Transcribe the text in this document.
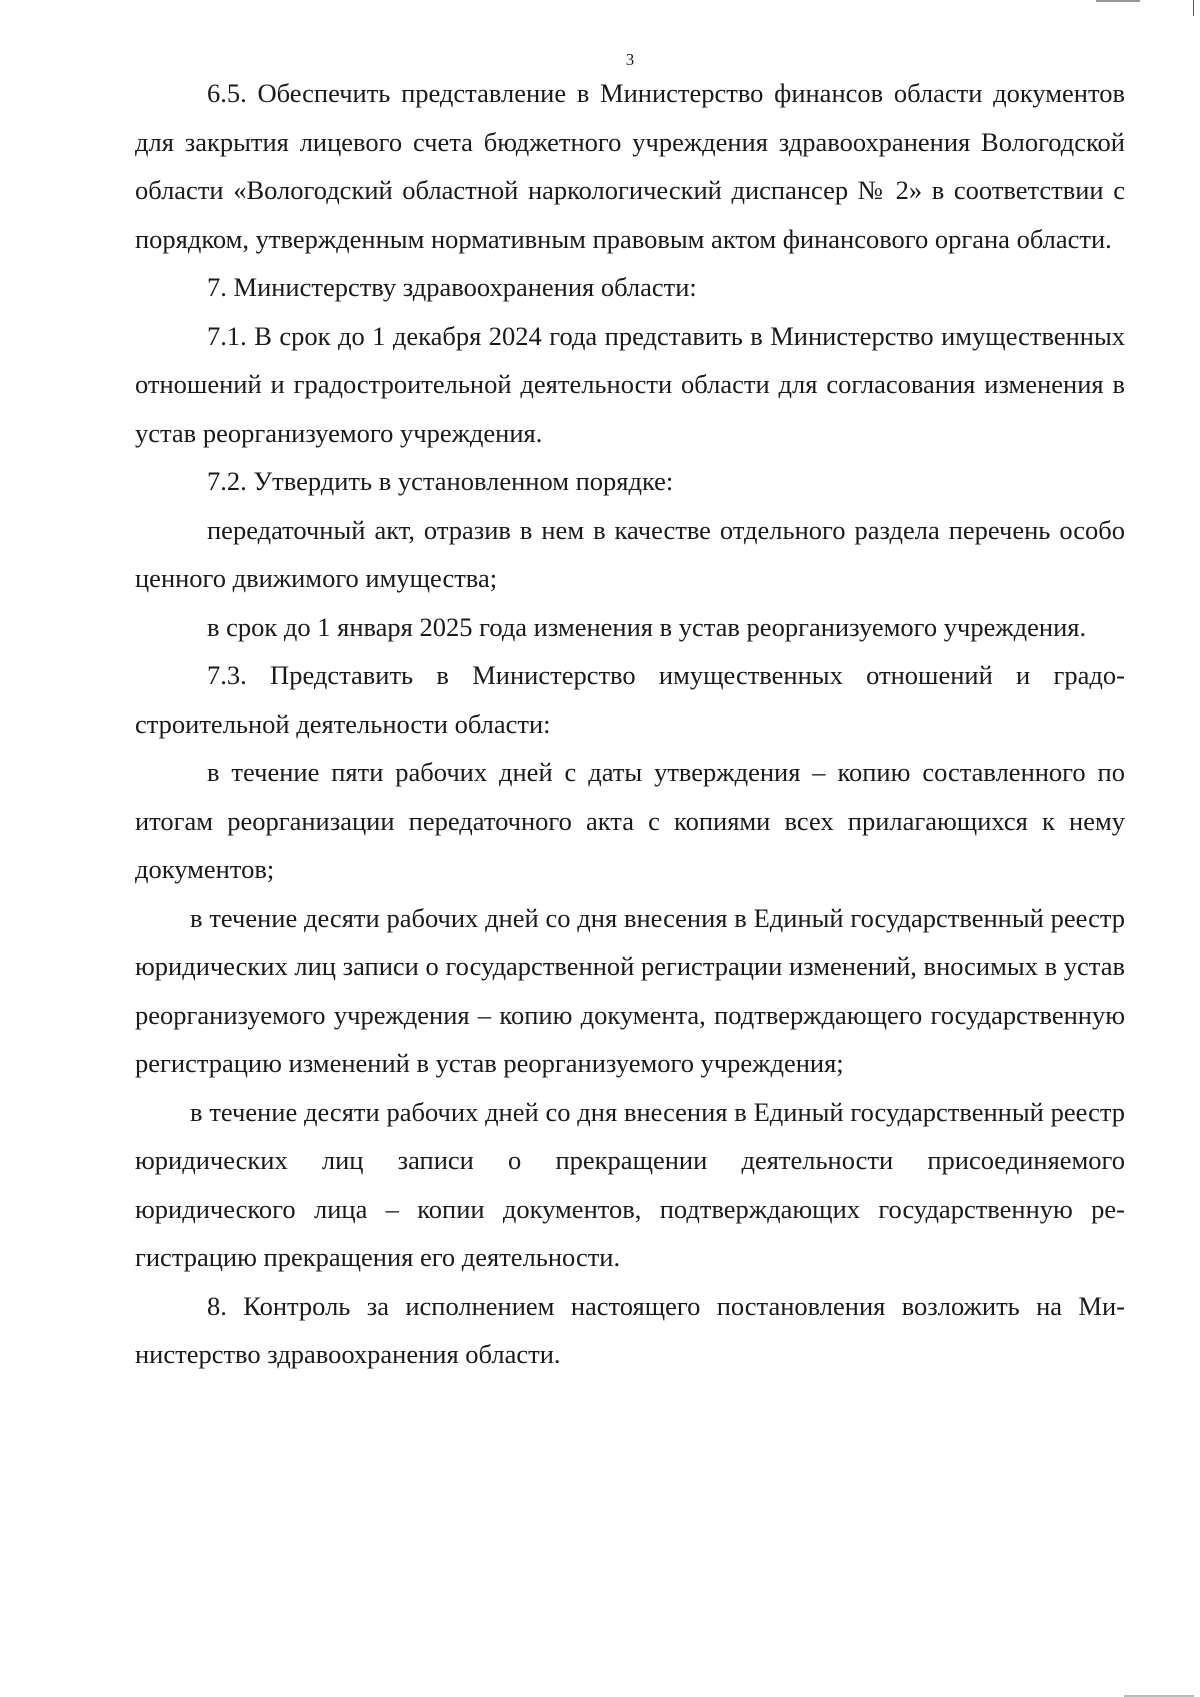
3

6.5. Обеспечить представление в Министерство финансов области документов для закрытия лицевого счета бюджетного учреждения здравоохранения Вологодской области «Вологодский областной наркологический диспансер № 2» в соответствии с порядком, утвержденным нормативным правовым актом финансового органа области.

7. Министерству здравоохранения области:

7.1. В срок до 1 декабря 2024 года представить в Министерство имущественных отношений и градостроительной деятельности области для согласования изменения в устав реорганизуемого учреждения.

7.2. Утвердить в установленном порядке:

передаточный акт, отразив в нем в качестве отдельного раздела перечень особо ценного движимого имущества;

в срок до 1 января 2025 года изменения в устав реорганизуемого учреждения.

7.3. Представить в Министерство имущественных отношений и градостроительной деятельности области:

в течение пяти рабочих дней с даты утверждения – копию составленного по итогам реорганизации передаточного акта с копиями всех прилагающихся к нему документов;

в течение десяти рабочих дней со дня внесения в Единый государственный реестр юридических лиц записи о государственной регистрации изменений, вносимых в устав реорганизуемого учреждения – копию документа, подтверждающего государственную регистрацию изменений в устав реорганизуемого учреждения;

в течение десяти рабочих дней со дня внесения в Единый государственный реестр юридических лиц записи о прекращении деятельности присоединяемого юридического лица – копии документов, подтверждающих государственную регистрацию прекращения его деятельности.

8. Контроль за исполнением настоящего постановления возложить на Министерство здравоохранения области.
